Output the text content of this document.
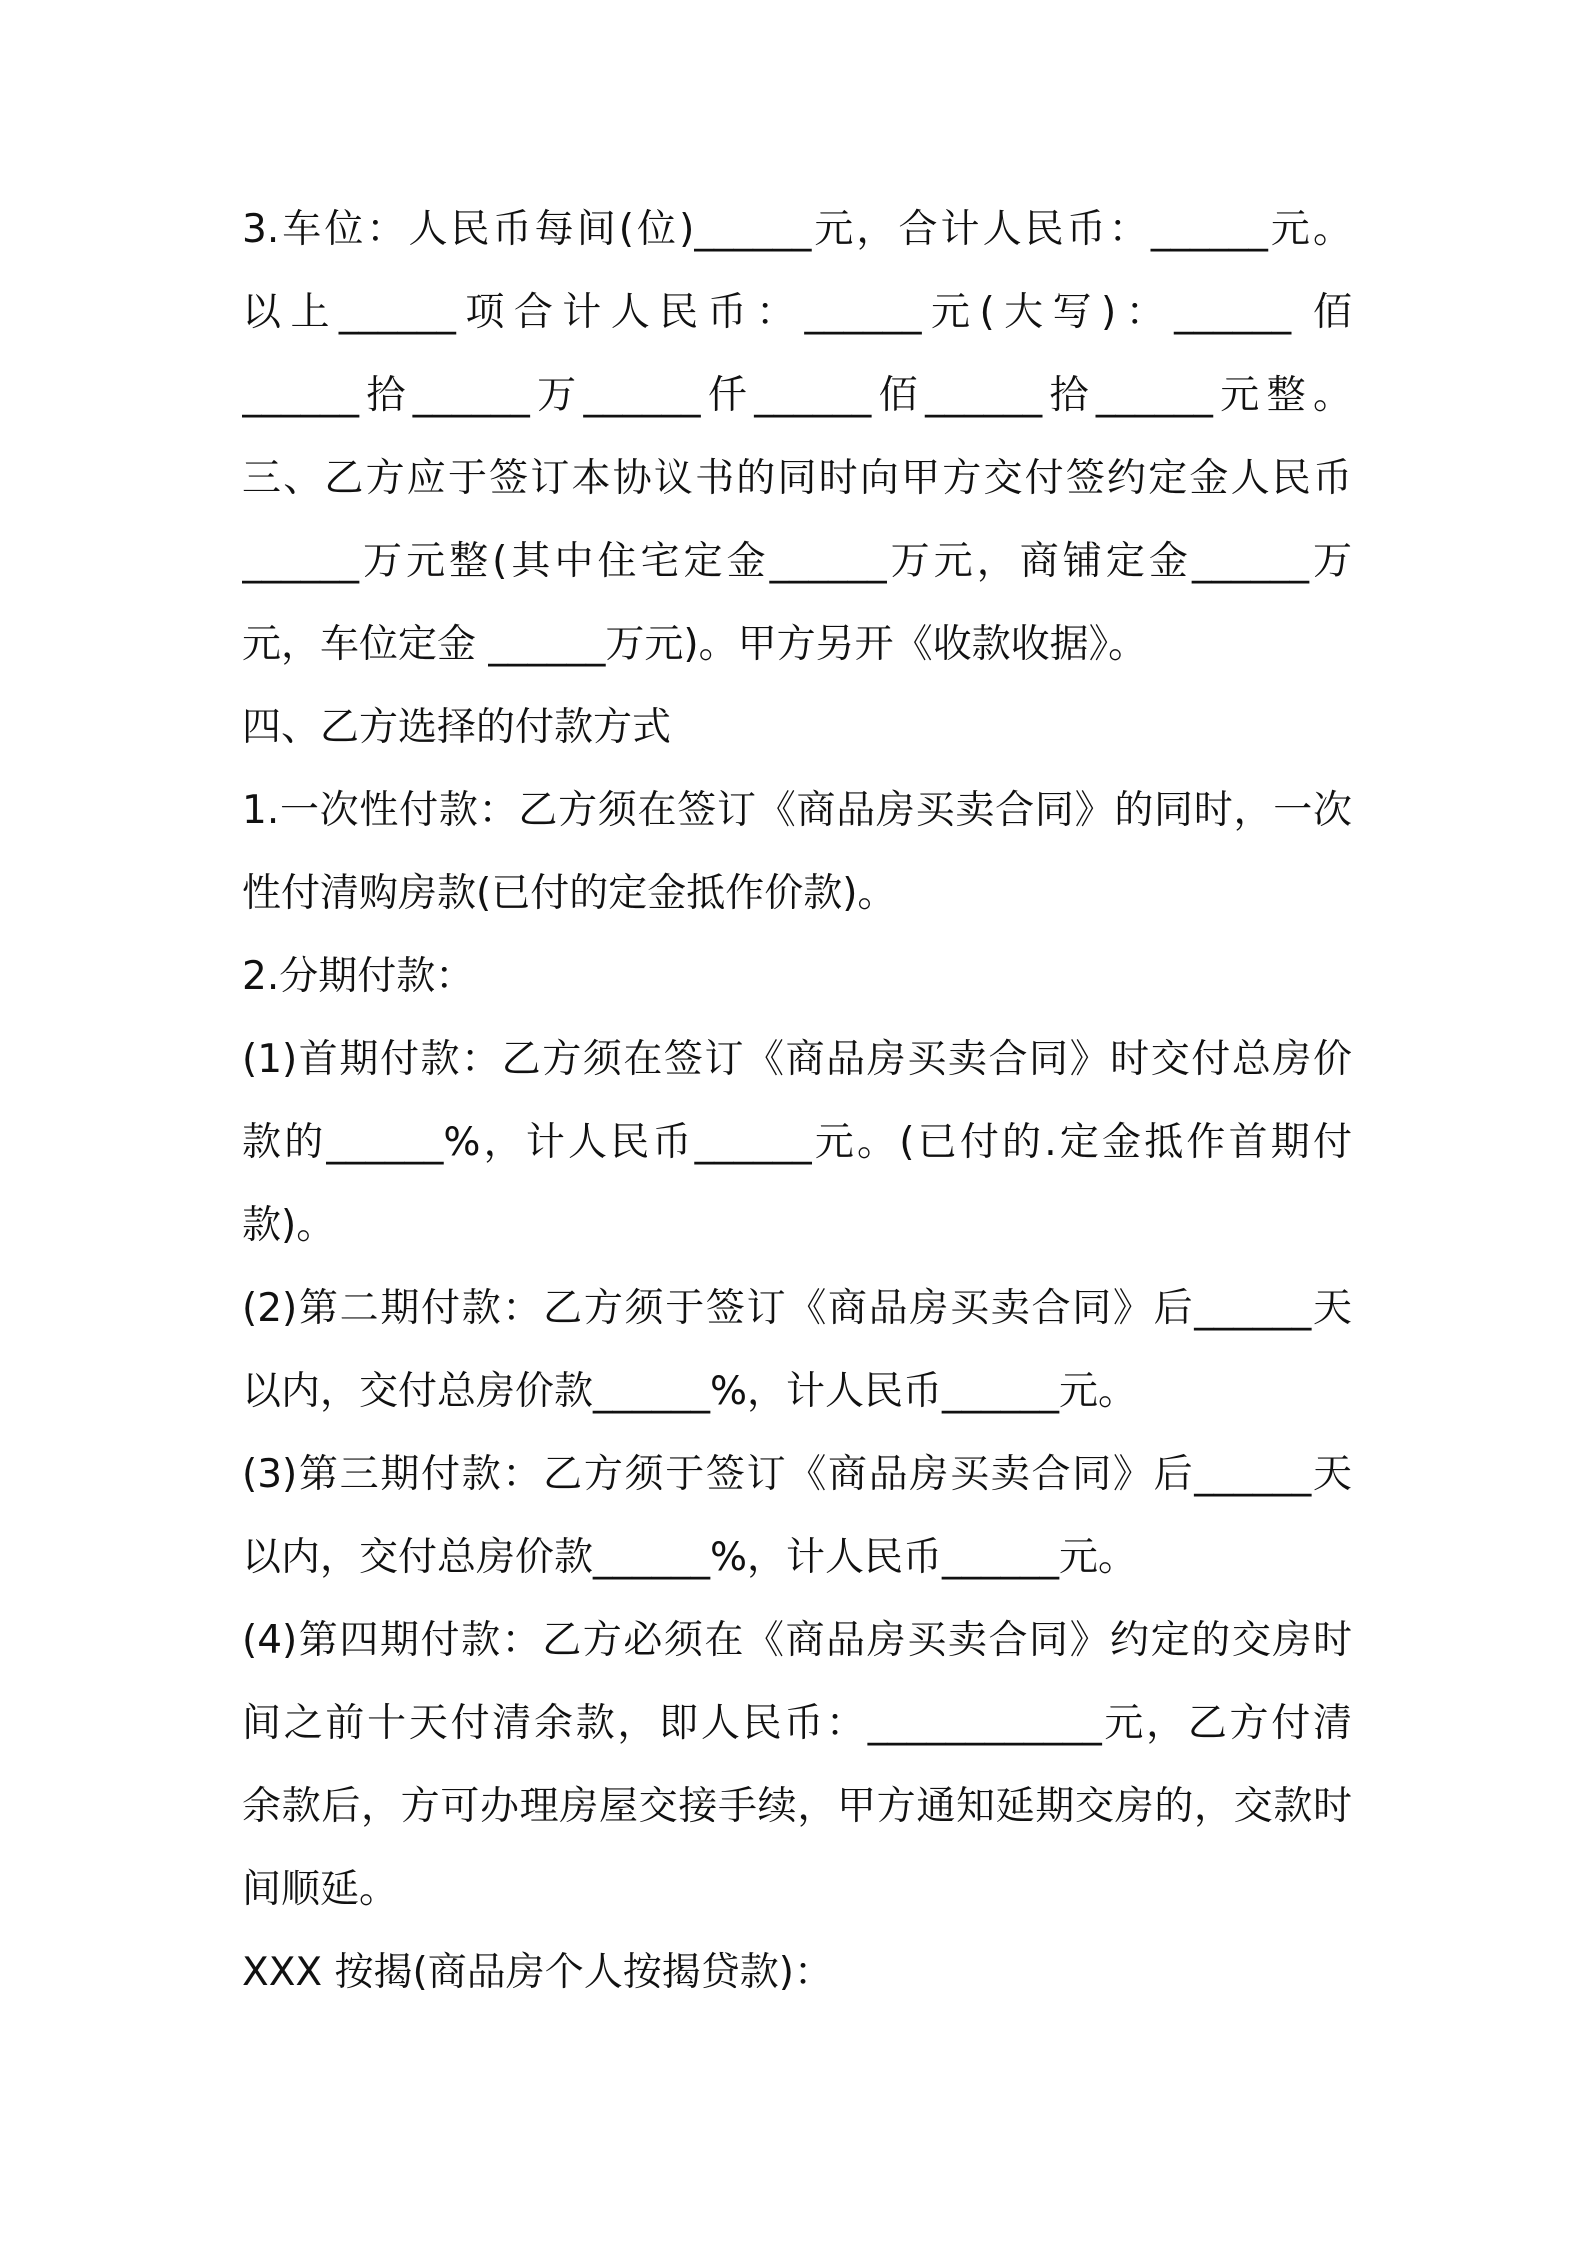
3.车位：人民币每间(位)______元，合计人民币：______元。
以上______项合计人民币：______元(大写)：______ 佰
______拾______万______仟______佰______拾______元整。
三、乙方应于签订本协议书的同时向甲方交付签约定金人民币
______万元整(其中住宅定金______万元，商铺定金______万
元，车位定金 ______万元)。甲方另开《收款收据》。
四、乙方选择的付款方式
1.一次性付款：乙方须在签订《商品房买卖合同》的同时，一次
性付清购房款(已付的定金抵作价款)。
2.分期付款：
(1)首期付款：乙方须在签订《商品房买卖合同》时交付总房价
款的______%，计人民币______元。(已付的.定金抵作首期付
款)。
(2)第二期付款：乙方须于签订《商品房买卖合同》后______天
以内，交付总房价款______%，计人民币______元。
(3)第三期付款：乙方须于签订《商品房买卖合同》后______天
以内，交付总房价款______%，计人民币______元。
(4)第四期付款：乙方必须在《商品房买卖合同》约定的交房时
间之前十天付清余款，即人民币：____________元，乙方付清
余款后，方可办理房屋交接手续，甲方通知延期交房的，交款时
间顺延。
XXX 按揭(商品房个人按揭贷款)：
